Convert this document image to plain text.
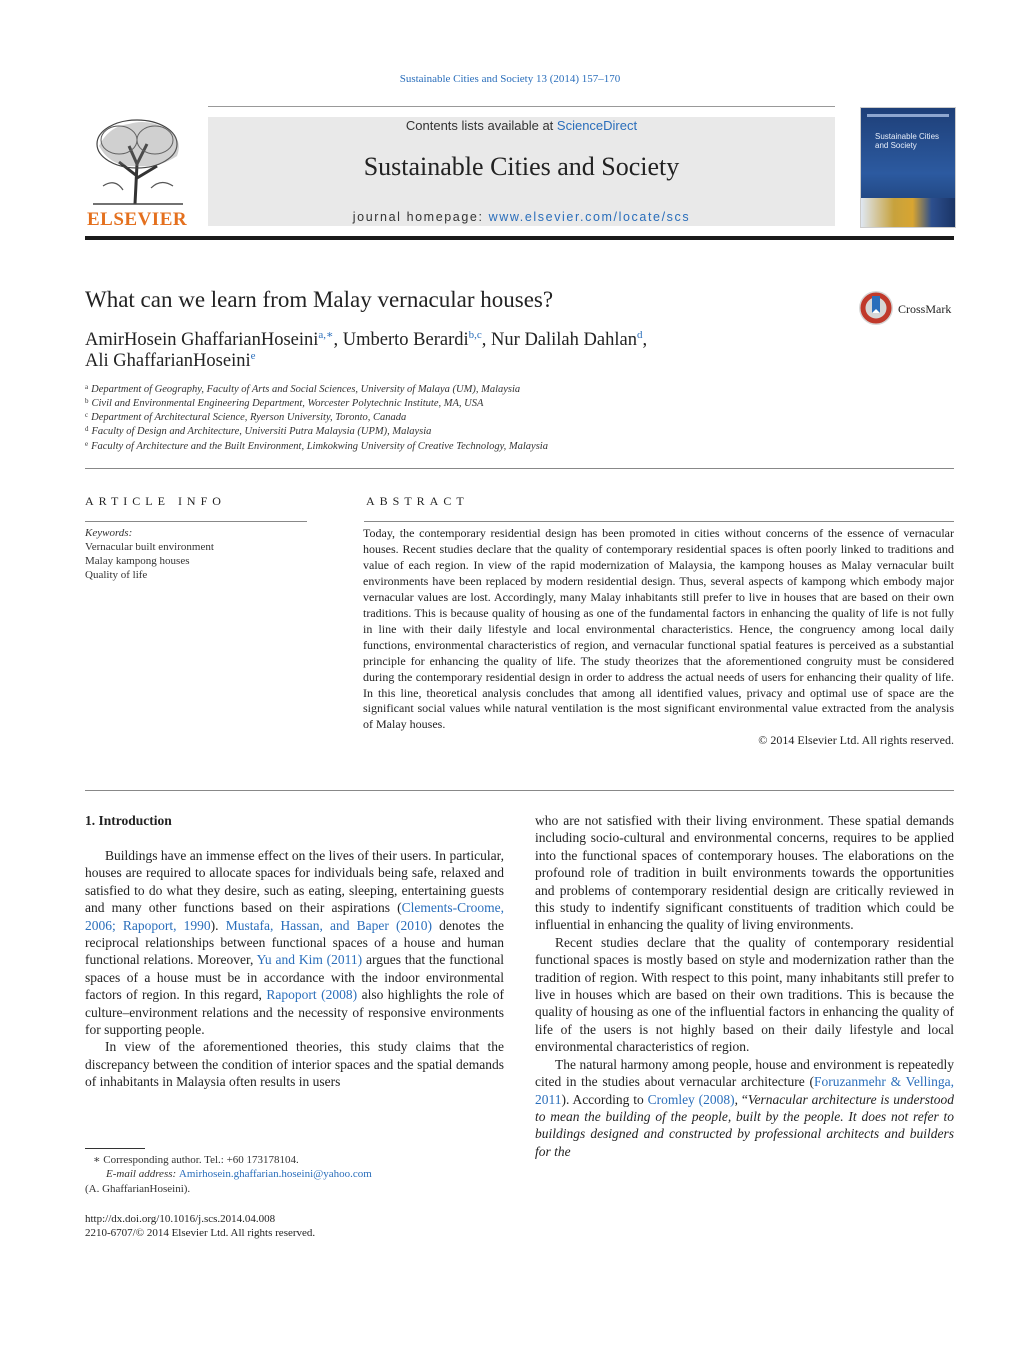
Sustainable Cities and Society 13 (2014) 157–170
ELSEVIER
Contents lists available at ScienceDirect
Sustainable Cities and Society
journal homepage: www.elsevier.com/locate/scs
Sustainable Cities and Society
What can we learn from Malay vernacular houses?	CrossMark
AmirHosein GhaffarianHoseini$^{a,∗}$, Umberto Berardi$^{b,c}$, Nur Dalilah Dahlan$^d$,
Ali GhaffarianHoseini$^e$
$^a$ Department of Geography, Faculty of Arts and Social Sciences, University of Malaya (UM), Malaysia
$^b$ Civil and Environmental Engineering Department, Worcester Polytechnic Institute, MA, USA
$^c$ Department of Architectural Science, Ryerson University, Toronto, Canada
$^d$ Faculty of Design and Architecture, Universiti Putra Malaysia (UPM), Malaysia
$^e$ Faculty of Architecture and the Built Environment, Limkokwing University of Creative Technology, Malaysia
ARTICLE INFO
Keywords:
Vernacular built environment
Malay kampong houses
Quality of life
ABSTRACT
Today, the contemporary residential design has been promoted in cities without concerns of the essence of vernacular houses. Recent studies declare that the quality of contemporary residential spaces is often poorly linked to traditions and value of each region. In view of the rapid modernization of Malaysia, the kampong houses as Malay vernacular built environments have been replaced by modern residential design. Thus, several aspects of kampong which embody major vernacular values are lost. Accordingly, many Malay inhabitants still prefer to live in houses that are based on their own traditions. This is because quality of housing as one of the fundamental factors in enhancing the quality of life is not fully in line with their daily lifestyle and local environmental characteristics. Hence, the congruency among local daily functions, environmental characteristics of region, and vernacular functional spatial features is perceived as a substantial principle for enhancing the quality of life. The study theorizes that the aforementioned congruity must be considered during the contemporary residential design in order to address the actual needs of users for enhancing their quality of life. In this line, theoretical analysis concludes that among all identified values, privacy and optimal use of space are the significant social values while natural ventilation is the most significant environmental value extracted from the analysis of Malay houses.
© 2014 Elsevier Ltd. All rights reserved.
1. Introduction

Buildings have an immense effect on the lives of their users. In particular, houses are required to allocate spaces for individuals being safe, relaxed and satisfied to do what they desire, such as eating, sleeping, entertaining guests and many other functions based on their aspirations (Clements-Croome, 2006; Rapoport, 1990). Mustafa, Hassan, and Baper (2010) denotes the reciprocal relationships between functional spaces of a house and human functional relations. Moreover, Yu and Kim (2011) argues that the functional spaces of a house must be in accordance with the indoor environmental factors of region. In this regard, Rapoport (2008) also highlights the role of culture–environment relations and the necessity of responsive environments for supporting people.

In view of the aforementioned theories, this study claims that the discrepancy between the condition of interior spaces and the spatial demands of inhabitants in Malaysia often results in users

who are not satisfied with their living environment. These spatial demands including socio-cultural and environmental concerns, requires to be applied into the functional spaces of contemporary houses. The elaborations on the profound role of tradition in built environments towards the opportunities and problems of contemporary residential design are critically reviewed in this study to indentify significant constituents of tradition which could be influential in enhancing the quality of living environments.

Recent studies declare that the quality of contemporary residential functional spaces is mostly based on style and modernization rather than the tradition of region. With respect to this point, many inhabitants still prefer to live in houses which are based on their own traditions. This is because the quality of housing as one of the influential factors in enhancing the quality of life of the users is not highly based on their daily lifestyle and local environmental characteristics of region.

The natural harmony among people, house and environment is repeatedly cited in the studies about vernacular architecture (Foruzanmehr & Vellinga, 2011). According to Cromley (2008), “Vernacular architecture is understood to mean the building of the people, built by the people. It does not refer to buildings designed and constructed by professional architects and builders for the

∗ Corresponding author. Tel.: +60 173178104.
E-mail address: Amirhosein.ghaffarian.hoseini@yahoo.com
(A. GhaffarianHoseini).
http://dx.doi.org/10.1016/j.scs.2014.04.008
2210-6707/© 2014 Elsevier Ltd. All rights reserved.
